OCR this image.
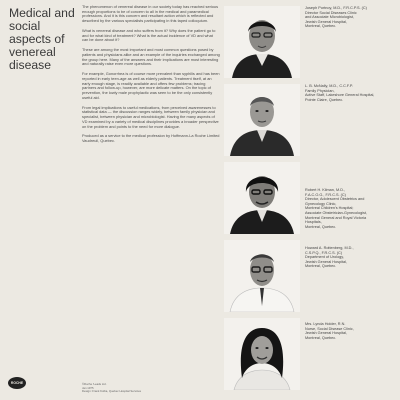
Medical and social aspects of venereal disease

The phenomenon of venereal disease in our society today has reached serious enough proportions to be of concern to all in the medical and paramedical professions. And it is this concern and resultant action which is reflected and described by the various specialists participating in this taped colloquium.

What is venereal disease and who suffers from it? Why does the patient go to and for what kind of treatment? What is the actual incidence of VD and what can be done about it?

These are among the most important and most common questions posed by patients and physicians alike and an example of the inquiries exchanged among the group here. Many of the answers and their implications are most interesting and naturally raise even more questions.

For example, Gonorrhea is of course more prevalent than syphilis and has been reported in early teen-age as well as elderly patients. Treatment itself, at an early enough stage, is readily available and offers few problems; tracing partners and follow-up, however, are more delicate matters. On the topic of prevention, the lowly male prophylactic was seen to be the only consistently useful aid.

From legal implications to useful medications, from perceived awarenesses to statistical data — the discussion ranges widely, between family physician and specialist, between physician and microbiologist. Having the many aspects of VD examined by a variety of medical disciplines provides a broader perspective on the problem and points to the need for more dialogue.

Produced as a service to the medical profession by Hoffmann-La Roche Limited Vaudreuil, Quebec.

Joseph Portnoy, M.D., F.R.C.P.S. (C)
Director Social Diseases Clinic
and Associate Microbiologist,
Jewish General Hospital,
Montreal, Quebec.
L. B. McNally, M.D., C.C.F.P.
Family Physician,
Active Staff, Lakeshore General Hospital,
Pointe Claire, Quebec.
Robert H. Kilman, M.D.,
F.A.C.O.G., F.R.C.S. (C)
Director, Adolescent Obstetrics and
Gynecology Clinic,
Montreal Children's Hospital;
Associate Obstetrician-Gynecologist,
Montreal General and Royal Victoria
Hospitals,
Montreal, Quebec.
Howard A. Rottenberg, M.D.,
C.S.P.Q., F.R.C.S. (C)
Department of Urology,
Jewish General Hospital,
Montreal, Quebec.
Mrs. Lynda Holder, R.N.
Nurse, Social Disease Clinic,
Jewish General Hospital,
Montreal, Quebec.
ROCHE	©Roche 'Leads Ltd.
Jan 1975
Design: Frank Kolba, Quebec Hospital Services
